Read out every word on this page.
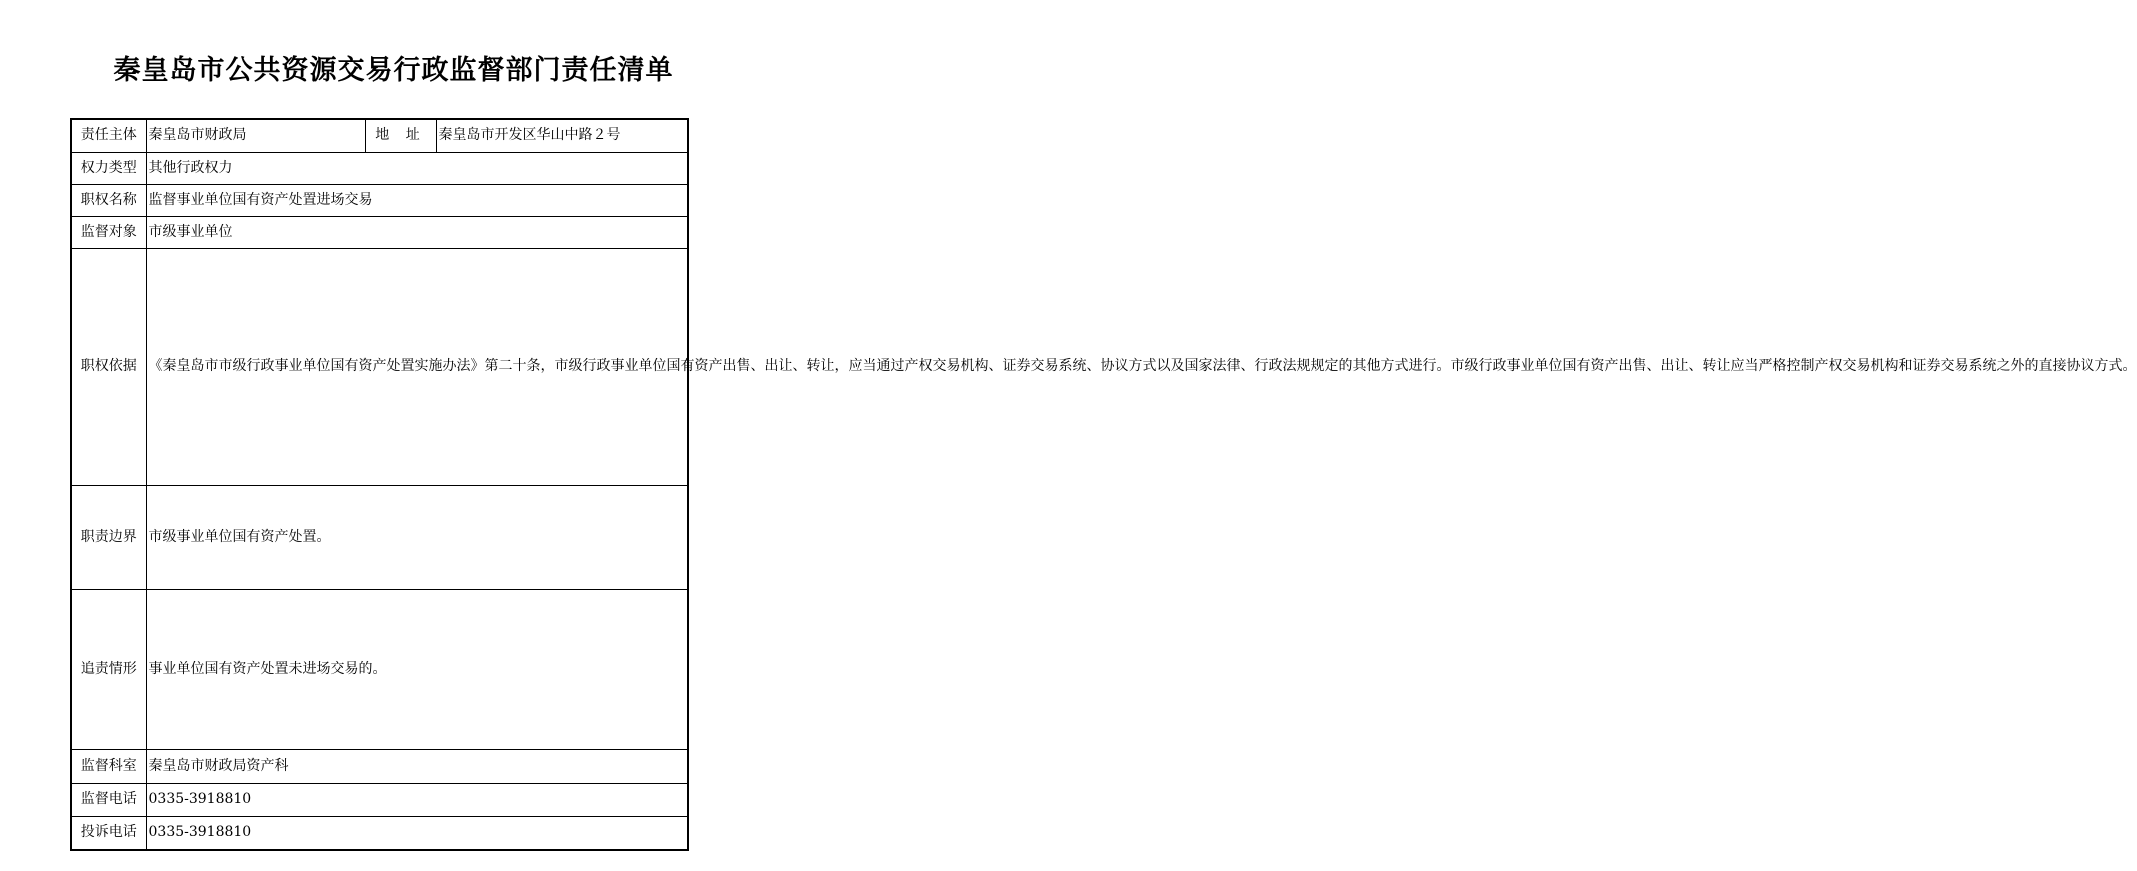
秦皇岛市公共资源交易行政监督部门责任清单
责任主体	秦皇岛市财政局	地 址	秦皇岛市开发区华山中路２号
权力类型	其他行政权力		
职权名称	监督事业单位国有资产处置进场交易		
监督对象	市级事业单位		
职权依据	《秦皇岛市市级行政事业单位国有资产处置实施办法》第二十条，市级行政事业单位国有资产出售、出让、转让，应当通过产权交易机构、证券交易系统、协议方式以及国家法律、行政法规规定的其他方式进行。市级行政事业单位国有资产出售、出让、转让应当严格控制产权交易机构和证券交易系统之外的直接协议方式。		

职责边界	市级事业单位国有资产处置。		
追责情形	事业单位国有资产处置未进场交易的。		
监督科室	秦皇岛市财政局资产科		
监督电话	0335-3918810		
投诉电话	0335-3918810		
